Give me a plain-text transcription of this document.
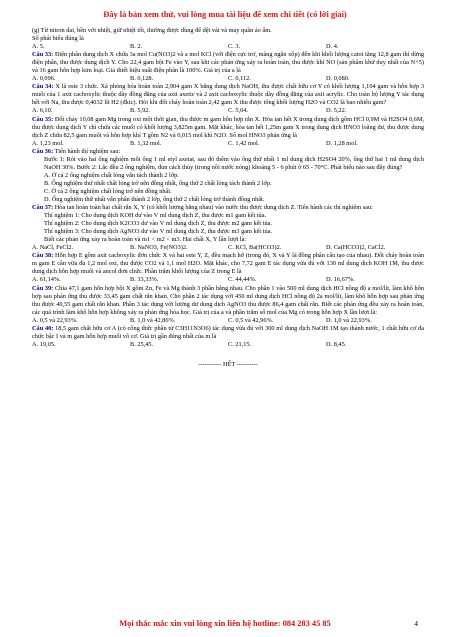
Đây là bản xem thử, vui lòng mua tài liệu để xem chi tiết (có lời giải)

(g) Từ nitron dai, bền với nhiệt, giữ nhiệt tốt, thường được dùng để dệt vải và may quần áo ấm.

Số phát biểu đúng là

A. 5.	B. 2.	C. 3.	D. 4.

Câu 33: Điện phân dung dịch X chứa 3a mol Cu(NO3)2 và a mol KCl (với điện cực trơ, màng ngăn xốp) đến khi khối lượng catot tăng 12,8 gam thì dừng điện phân, thu được dung dịch Y. Cho 22,4 gam bột Fe vào Y, sau khi các phản ứng xảy ra hoàn toàn, thu được khí NO (sản phẩm khử duy nhất của N+5) và 16 gam hỗn hợp kim loại. Giả thiết hiệu suất điện phân là 100%. Giá trị của a là

A. 0,096.	B. 0,128.	C. 0,112.	D. 0,080.

Câu 34: X là este 3 chức. Xà phòng hóa hoàn toàn 2,904 gam X bằng dung dịch NaOH, thu được chất hữu cơ Y có khối lượng 1,104 gam và hỗn hợp 3 muối của 1 axit cacboxylic thuộc dãy đồng đẳng của axit axetic và 2 axit cacboxylic thuộc dãy đồng đẳng của axit acrylic. Cho toàn bộ lượng Y tác dụng hết với Na, thu được 0,4032 lít H2 (đktc). Hỏi khi đốt cháy hoàn toàn 2,42 gam X thu được tổng khối lượng H2O và CO2 là bao nhiêu gam?

A. 6,10.	B. 5,92.	C. 5,04.	D. 5,22.

Câu 35: Đốt cháy 10,08 gam Mg trong oxi một thời gian, thu được m gam hỗn hợp rắn X. Hòa tan hết X trong dung dịch gồm HCl 0,9M và H2SO4 0,6M, thu được dung dịch Y chỉ chứa các muối có khối lượng 3,825m gam. Mặt khác, hòa tan hết 1,25m gam X trong dung dịch HNO3 loãng dư, thu được dung dịch Z chứa 82,5 gam muối và hỗn hợp khí T gồm N2 và 0,015 mol khí N2O. Số mol HNO3 phản ứng là

A. 1,23 mol.	B. 1,32 mol.	C. 1,42 mol.	D. 1,28 mol.

Câu 36: Tiến hành thí nghiệm sau:

Bước 1: Rót vào hai ống nghiệm mỗi ống 1 ml etyl axetat, sau đó thêm vào ống thứ nhất 1 ml dung dịch H2SO4 20%, ống thứ hai 1 ml dung dịch NaOH 30%. Bước 2: Lắc đều 2 ống nghiệm, đun cách thủy (trong nồi nước nóng) khoảng 5 - 6 phút ở 65 - 70°C. Phát biểu nào sau đây đúng?

A. Ở cả 2 ống nghiệm chất lỏng vẫn tách thành 2 lớp.

B. Ống nghiệm thứ nhất chất lỏng trở nên đồng nhất, ống thứ 2 chất lỏng tách thành 2 lớp.

C. Ở cả 2 ống nghiệm chất lỏng trở nên đồng nhất.

D. Ống nghiệm thứ nhất vẫn phân thành 2 lớp, ống thứ 2 chất lỏng trở thành đồng nhất.

Câu 37: Hòa tan hoàn toàn hai chất rắn X, Y (có khối lượng bằng nhau) vào nước thu được dung dịch Z. Tiến hành các thí nghiệm sau:

Thí nghiệm 1: Cho dung dịch KOH dư vào V ml dung dịch Z, thu được m1 gam kết tủa.

Thí nghiệm 2: Cho dung dịch K2CO3 dư vào V ml dung dịch Z, thu được m2 gam kết tủa.

Thí nghiệm 3: Cho dung dịch AgNO3 dư vào V ml dung dịch Z, thu được m3 gam kết tủa.

Biết các phản ứng xảy ra hoàn toàn và m1 < m2 < m3. Hai chất X, Y lần lượt là:

A. NaCl, FeCl2.	B. NaNO3, Fe(NO3)2.	C. KCl, Ba(HCO3)2.	D. Ca(HCO3)2, CaCl2.

Câu 38: Hỗn hợp E gồm axit cacboxylic đơn chức X và hai este Y, Z, đều mạch hở (trong đó, X và Y là đồng phân cấu tạo của nhau). Đốt cháy hoàn toàn m gam E cần vừa đủ 1,2 mol oxi, thu được CO2 và 1,1 mol H2O. Mặt khác, cho 7,72 gam E tác dụng vừa đủ với 130 ml dung dịch KOH 1M, thu được dung dịch hỗn hợp muối và ancol đơn chức. Phần trăm khối lượng của Z trong E là

A. 61,14%.	B. 33,33%.	C. 44,44%.	D. 16,67%.

Câu 39: Chia 47,1 gam hỗn hợp bột X gồm Zn, Fe và Mg thành 3 phần bằng nhau. Cho phần 1 vào 500 ml dung dịch HCl nồng độ a mol/lít, làm khô hỗn hợp sau phản ứng thu được 33,45 gam chất rắn khan. Cho phần 2 tác dụng với 450 ml dung dịch HCl nồng độ 2a mol/lít, làm khô hỗn hợp sau phản ứng thu được 40,55 gam chất rắn khan. Phần 3 tác dụng với lượng dư dung dịch AgNO3 thu được 86,4 gam chất rắn. Biết các phản ứng đều xảy ra hoàn toàn, các quá trình làm khô hỗn hợp không xảy ra phản ứng hóa học. Giá trị của a và phần trăm số mol của Mg có trong hỗn hợp X lần lượt là:

A. 0,5 và 22,93%.	B. 1,0 và 42,86%.	C. 0,5 và 42,96%.	D. 1,0 và 22,93%.

Câu 40: 18,5 gam chất hữu cơ A (có công thức phân tử C3H11N3O6) tác dụng vừa đủ với 300 ml dung dịch NaOH 1M tạo thành nước, 1 chất hữu cơ đa chức bậc I và m gam hỗn hợp muối vô cơ. Giá trị gần đúng nhất của m là

A. 19,05.	B. 25,45.	C. 21,15.	D. 8,45.

----------- HẾT ----------

Mọi thắc mắc xin vui lòng xin liên hệ hotline: 084 283 45 85	4
